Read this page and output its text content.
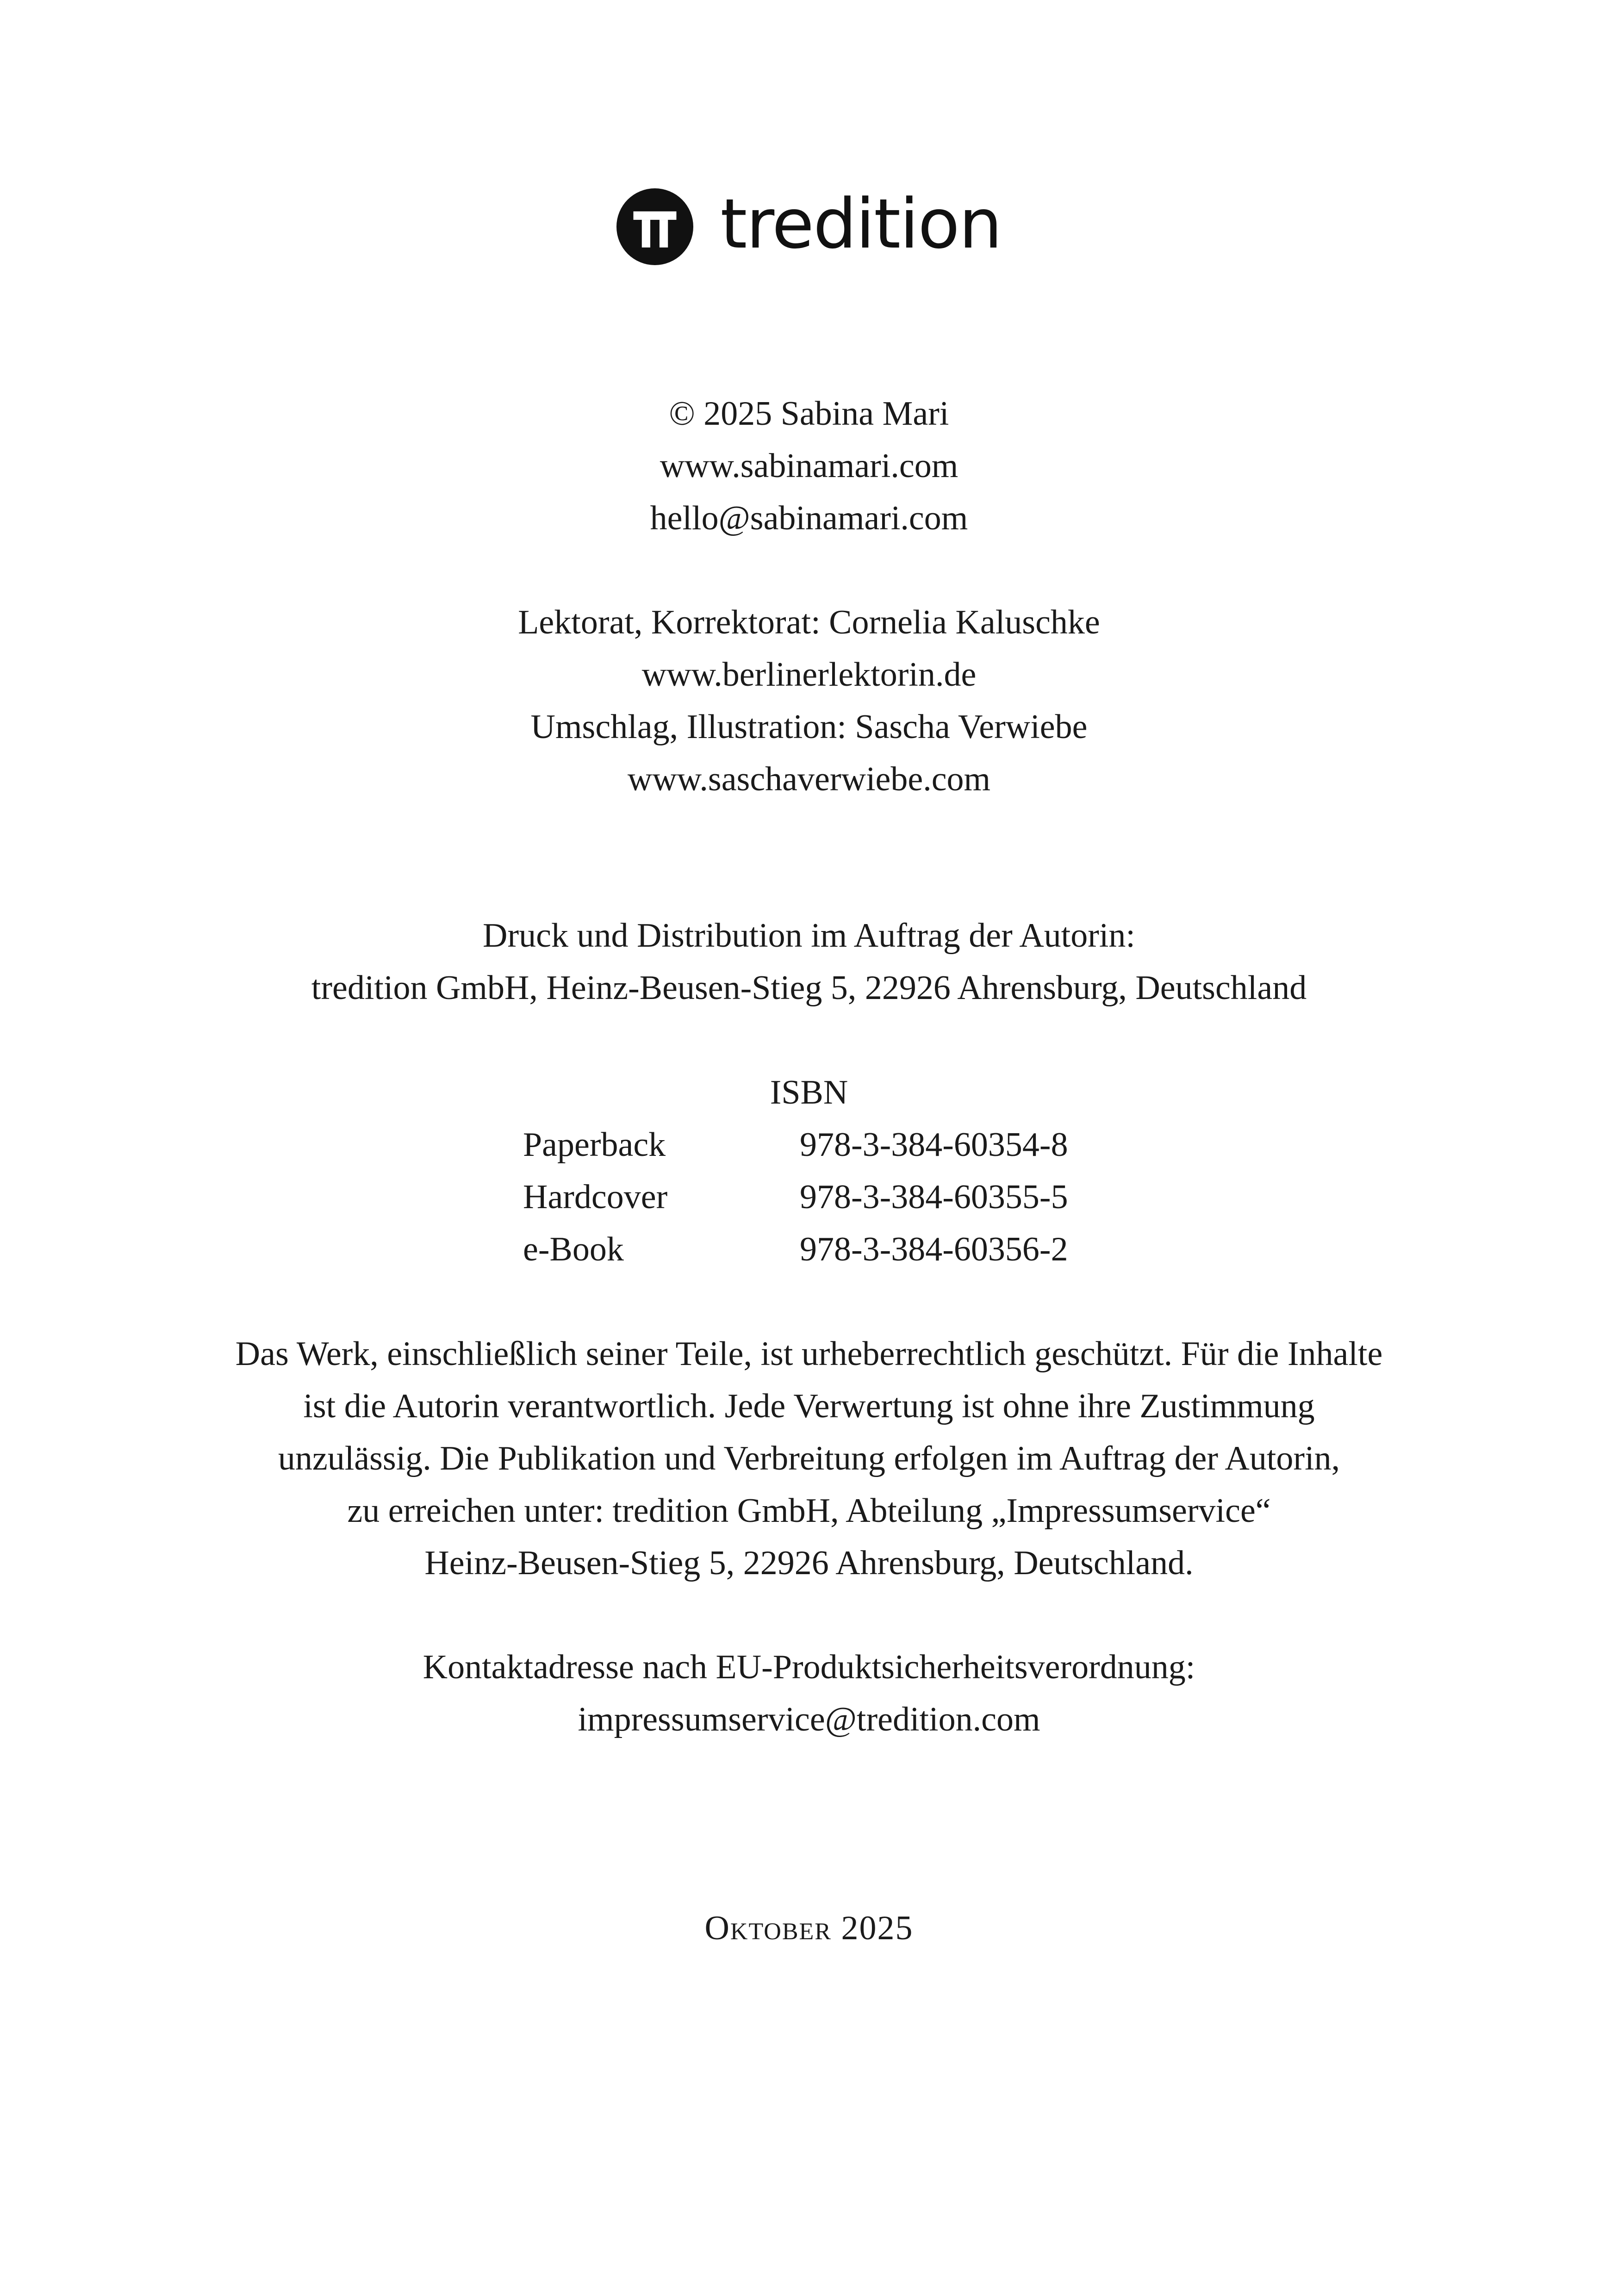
tredition
© 2025 Sabina Mari
www.sabinamari.com
hello@sabinamari.com
Lektorat, Korrektorat: Cornelia Kaluschke
www.berlinerlektorin.de
Umschlag, Illustration: Sascha Verwiebe
www.saschaverwiebe.com
Druck und Distribution im Auftrag der Autorin:
tredition GmbH, Heinz-Beusen-Stieg 5, 22926 Ahrensburg, Deutschland
ISBN
Paperback	978-3-384-60354-8
Hardcover	978-3-384-60355-5
e-Book	978-3-384-60356-2
Das Werk, einschließlich seiner Teile, ist urheberrechtlich geschützt. Für die Inhalte
ist die Autorin verantwortlich. Jede Verwertung ist ohne ihre Zustimmung
unzulässig. Die Publikation und Verbreitung erfolgen im Auftrag der Autorin,
zu erreichen unter: tredition GmbH, Abteilung „Impressumservice“
Heinz-Beusen-Stieg 5, 22926 Ahrensburg, Deutschland.
Kontaktadresse nach EU-Produktsicherheitsverordnung:
impressumservice@tredition.com
Oktober 2025
